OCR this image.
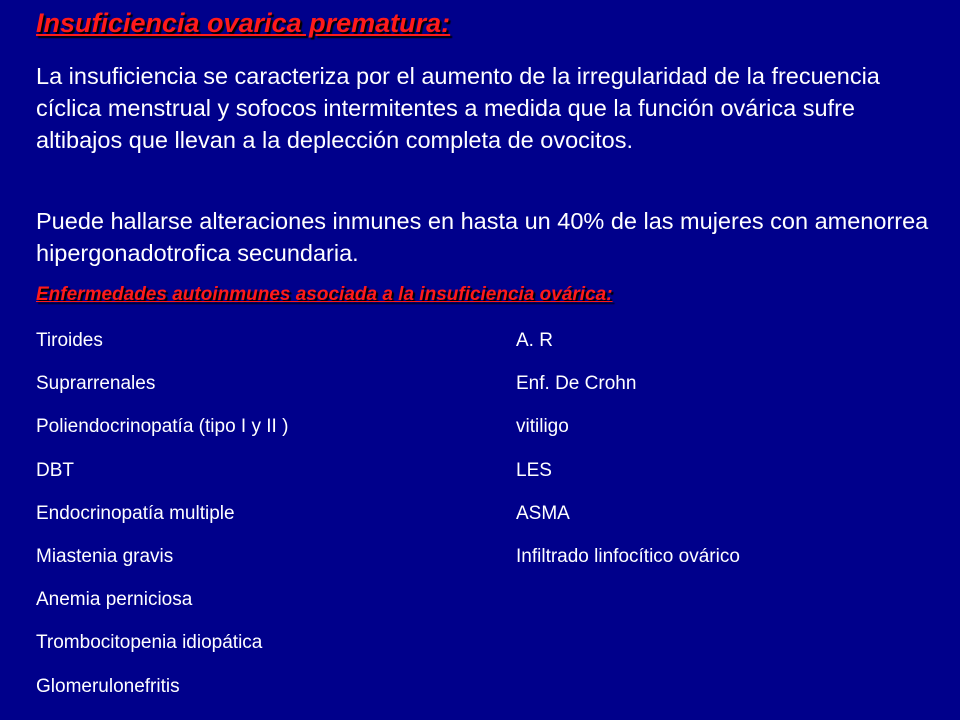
Insuficiencia ovarica prematura:

La insuficiencia se caracteriza por el aumento de la irregularidad de la frecuencia cíclica menstrual y sofocos intermitentes a medida que la función ovárica sufre altibajos que llevan a la deplección completa de ovocitos.

Puede hallarse alteraciones inmunes en hasta un 40% de las mujeres con amenorrea hipergonadotrofica secundaria.

Enfermedades autoinmunes asociada a la insuficiencia ovárica:
Tiroides
Suprarrenales
Poliendocrinopatía (tipo I y II )
DBT
Endocrinopatía multiple
Miastenia gravis
Anemia perniciosa
Trombocitopenia idiopática
Glomerulonefritis
A. R
Enf. De Crohn
vitiligo
LES
ASMA
Infiltrado linfocítico ovárico
